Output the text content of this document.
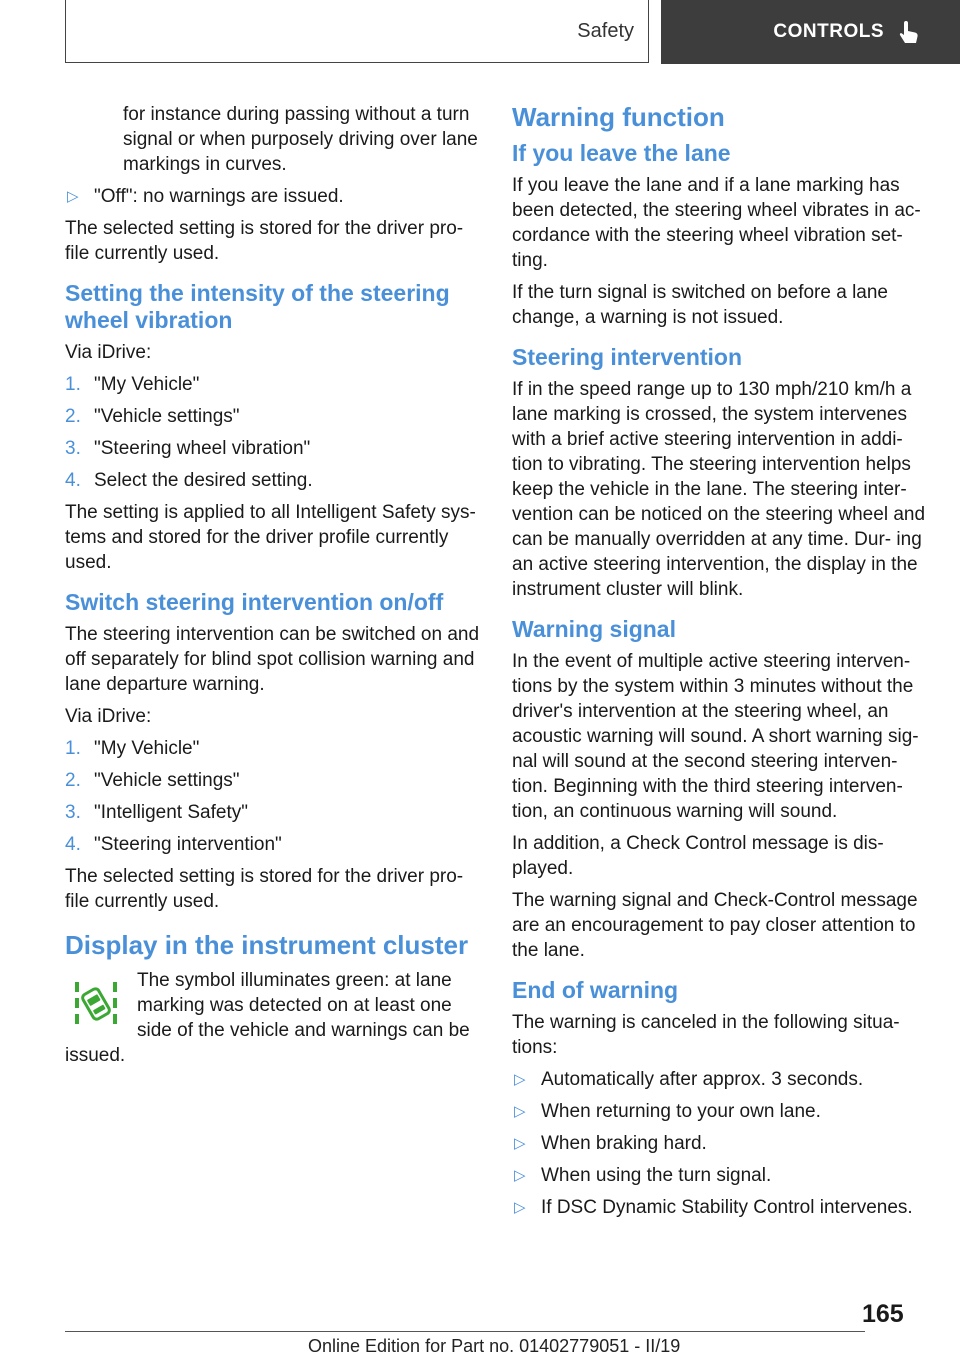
Safety	CONTROLS

for instance during passing without a turn signal or when purposely driving over lane markings in curves.

▷ "Off": no warnings are issued.

The selected setting is stored for the driver pro- file currently used.

Setting the intensity of the steering wheel vibration

Via iDrive:

1. "My Vehicle"
2. "Vehicle settings"
3. "Steering wheel vibration"
4. Select the desired setting.

The setting is applied to all Intelligent Safety sys- tems and stored for the driver profile currently used.

Switch steering intervention on/off

The steering intervention can be switched on and off separately for blind spot collision warning and lane departure warning.

Via iDrive:

1. "My Vehicle"
2. "Vehicle settings"
3. "Intelligent Safety"
4. "Steering intervention"

The selected setting is stored for the driver pro- file currently used.

Display in the instrument cluster
The symbol illuminates green: at lane marking was detected on at least one side of the vehicle and warnings can be issued.
Warning function
If you leave the lane

If you leave the lane and if a lane marking has been detected, the steering wheel vibrates in ac- cordance with the steering wheel vibration set- ting.

If the turn signal is switched on before a lane change, a warning is not issued.

Steering intervention

If in the speed range up to 130 mph/210 km/h a lane marking is crossed, the system intervenes with a brief active steering intervention in addi- tion to vibrating. The steering intervention helps keep the vehicle in the lane. The steering inter- vention can be noticed on the steering wheel and can be manually overridden at any time. Dur- ing an active steering intervention, the display in the instrument cluster will blink.

Warning signal

In the event of multiple active steering interven- tions by the system within 3 minutes without the driver's intervention at the steering wheel, an acoustic warning will sound. A short warning sig- nal will sound at the second steering interven- tion. Beginning with the third steering interven- tion, an continuous warning will sound.

In addition, a Check Control message is dis- played.

The warning signal and Check-Control message are an encouragement to pay closer attention to the lane.

End of warning

The warning is canceled in the following situa- tions:

▷ Automatically after approx. 3 seconds.
▷ When returning to your own lane.
▷ When braking hard.
▷ When using the turn signal.
▷ If DSC Dynamic Stability Control intervenes.
165
Online Edition for Part no. 01402779051 - II/19
